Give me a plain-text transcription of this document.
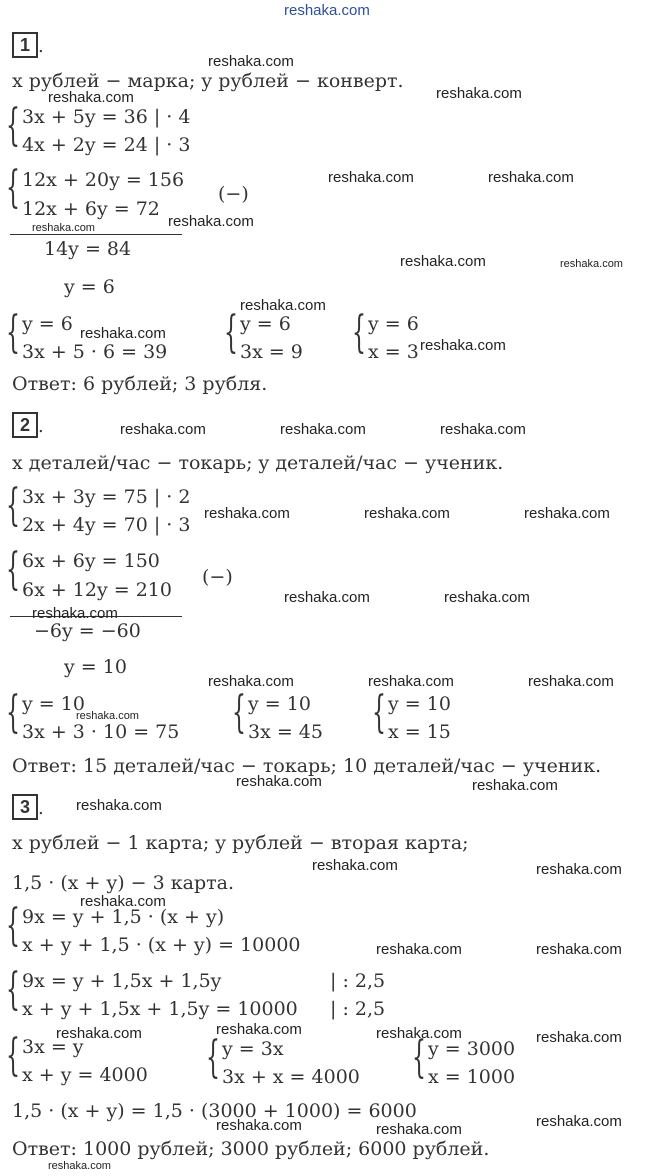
reshaka.com
1 .
x рублей − марка; y рублей − конверт.
{ 3x + 5y = 36 | · 4
4x + 2y = 24 | · 3
{ 12x + 20y = 156
12x + 6y = 72
(−)
14y = 84
y = 6
{ y = 6
3x + 5 · 6 = 39 { y = 6
3x = 9 { y = 6
x = 3
Ответ: 6 рублей; 3 рубля.
reshaka.com
reshaka.com	reshaka.com
reshaka.com	reshaka.com
reshaka.com
reshaka.com
reshaka.com	reshaka.com
reshaka.com
reshaka.com
reshaka.com
2 .
x деталей/час − токарь; y деталей/час − ученик.
{ 3x + 3y = 75 | · 2
2x + 4y = 70 | · 3
{ 6x + 6y = 150
6x + 12y = 210
(−)
−6y = −60
y = 10
{ y = 10
3x + 3 · 10 = 75 { y = 10
3x = 45 { y = 10
x = 15
Ответ: 15 деталей/час − токарь; 10 деталей/час − ученик.
reshaka.com	reshaka.com	reshaka.com
reshaka.com	reshaka.com	reshaka.com
reshaka.com	reshaka.com
reshaka.com
reshaka.com	reshaka.com	reshaka.com
reshaka.com
reshaka.com	reshaka.com
3 .
x рублей − 1 карта; y рублей − вторая карта;
1,5 · (x + y) − 3 карта.
{ 9x = y + 1,5 · (x + y)
x + y + 1,5 · (x + y) = 10000
{ 9x = y + 1,5x + 1,5y
x + y + 1,5x + 1,5y = 10000
| : 2,5
| : 2,5
{ 3x = y
x + y = 4000 { y = 3x
3x + x = 4000 { y = 3000
x = 1000
1,5 · (x + y) = 1,5 · (3000 + 1000) = 6000
Ответ: 1000 рублей; 3000 рублей; 6000 рублей.
reshaka.com
reshaka.com	reshaka.com
reshaka.com
reshaka.com	reshaka.com
reshaka.com
reshaka.com	reshaka.com	reshaka.com
reshaka.com
reshaka.com	reshaka.com
reshaka.com
